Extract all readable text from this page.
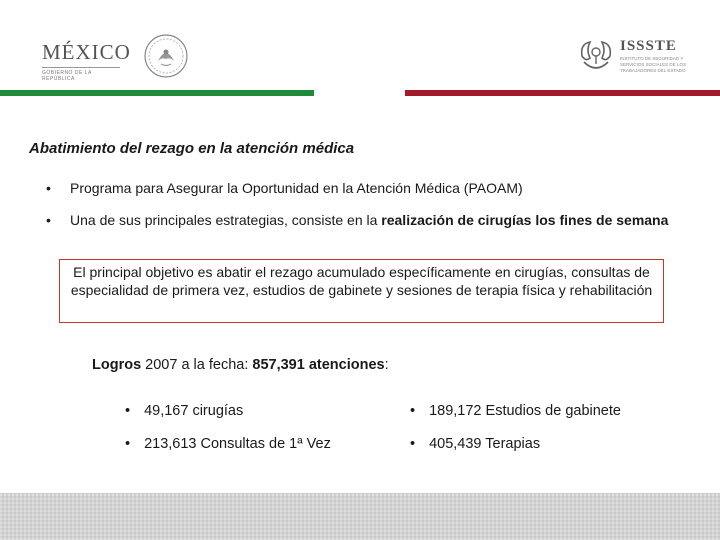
MÉXICO
GOBIERNO DE LA REPÚBLICA
ISSSTE
INSTITUTO DE SEGURIDAD Y SERVICIOS SOCIALES DE LOS TRABAJADORES DEL ESTADO
Abatimiento del rezago en la atención médica
•	Programa para Asegurar la Oportunidad en la Atención Médica (PAOAM)
•	Una de sus principales estrategias, consiste en la realización de cirugías los fines de semana
El principal objetivo es abatir el rezago acumulado específicamente en cirugías, consultas de especialidad de primera vez, estudios de gabinete y sesiones de terapia física y rehabilitación
Logros 2007 a la fecha: 857,391 atenciones:
• 49,167 cirugías	• 189,172 Estudios de gabinete
• 213,613 Consultas de 1ª Vez	• 405,439 Terapias
